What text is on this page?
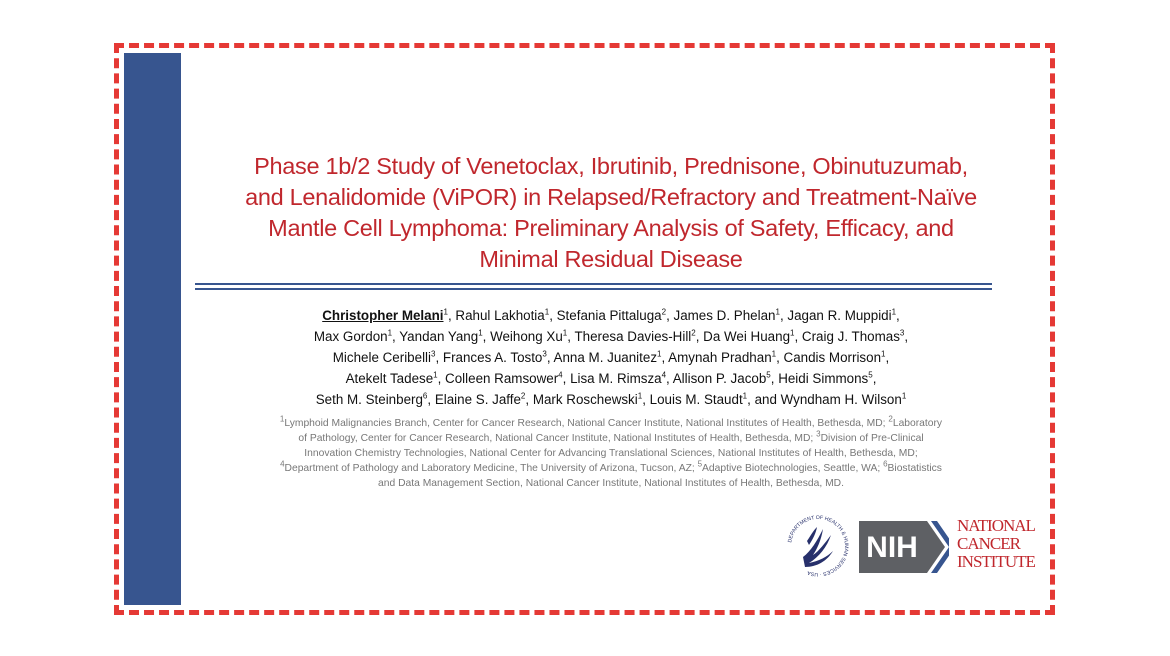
Phase 1b/2 Study of Venetoclax, Ibrutinib, Prednisone, Obinutuzumab,
and Lenalidomide (ViPOR) in Relapsed/Refractory and Treatment-Naïve
Mantle Cell Lymphoma: Preliminary Analysis of Safety, Efficacy, and
Minimal Residual Disease

Christopher Melani$^1$, Rahul Lakhotia$^1$, Stefania Pittaluga$^2$, James D. Phelan$^1$, Jagan R. Muppidi$^1$,
Max Gordon$^1$, Yandan Yang$^1$, Weihong Xu$^1$, Theresa Davies-Hill$^2$, Da Wei Huang$^1$, Craig J. Thomas$^3$,
Michele Ceribelli$^3$, Frances A. Tosto$^3$, Anna M. Juanitez$^1$, Amynah Pradhan$^1$, Candis Morrison$^1$,
Atekelt Tadese$^1$, Colleen Ramsower$^4$, Lisa M. Rimsza$^4$, Allison P. Jacob$^5$, Heidi Simmons$^5$,
Seth M. Steinberg$^6$, Elaine S. Jaffe$^2$, Mark Roschewski$^1$, Louis M. Staudt$^1$, and Wyndham H. Wilson$^1$

$^1$Lymphoid Malignancies Branch, Center for Cancer Research, National Cancer Institute, National Institutes of Health, Bethesda, MD; $^2$Laboratory
of Pathology, Center for Cancer Research, National Cancer Institute, National Institutes of Health, Bethesda, MD; $^3$Division of Pre-Clinical
Innovation Chemistry Technologies, National Center for Advancing Translational Sciences, National Institutes of Health, Bethesda, MD;
$^4$Department of Pathology and Laboratory Medicine, The University of Arizona, Tucson, AZ; $^5$Adaptive Biotechnologies, Seattle, WA; $^6$Biostatistics
and Data Management Section, National Cancer Institute, National Institutes of Health, Bethesda, MD.

DEPARTMENT OF HEALTH & HUMAN SERVICES · USA
NIH
NATIONAL
CANCER
INSTITUTE
